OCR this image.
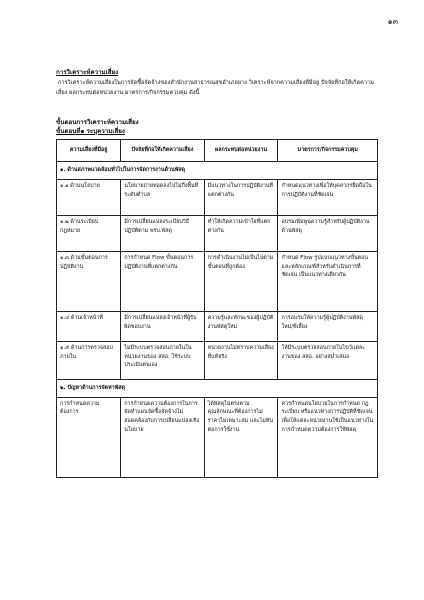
๑๓
การวิเคราะห์ความเสี่ยง
การวิเคราะห์ความเสี่ยงในการจัดซื้อจัดจ้างของสำนักงานสาธารณสุขอำเภอยาง วิเคราะห์จากความเสี่ยงที่มีอยู่ ปัจจัยที่ก่อให้เกิดความเสี่ยง ผลกระทบต่อหน่วยงาน มาตรการ/กิจกรรมควบคุม ดังนี้
ขั้นตอนการวิเคราะห์ความเสี่ยง
ขั้นตอนที่๑ ระบุความเสี่ยง
ความเสี่ยงที่มีอยู่	ปัจจัยที่ก่อให้เกิดความเสี่ยง	ผลกระทบต่อหน่วยงาน	มาตรการ/กิจกรรมควบคุม
๑. ด้านสภาพแวดล้อมทั่วไปในการจัดการงานด้านพัสดุ			
๑.๑ ด้านนโยบาย	นโยบายถ่ายทอดลงไปไม่ถึงพื้นที่ระดับตำบล	มีแนวทางในการปฏิบัติงานที่แตกต่างกัน	กำหนดแนวทางเพื่อให้บุคลากรยึดถือในการปฏิบัติงานที่ชัดเจน
๑.๒ ด้านระเบียบกฎหมาย	มีการเปลี่ยนแปลงระเบียบวิธีปฏิบัติตาม พรบ.พัสดุ	ทำให้เกิดความเข้าใจที่แตกต่างกัน	อบรมเพิ่มพูนความรู้สำหรับผู้ปฏิบัติงานด้านพัสดุ
๑.๓ ด้านขั้นตอนการปฏิบัติงาน	การกำหนด Flow ขั้นตอนการปฏิบัติงานที่แตกต่างกัน	การดำเนินงานไม่เป็นไปตามขั้นตอนที่ถูกต้อง	กำหนด Flow รูปแบบแนวทางขั้นตอนและหลักเกณฑ์สำหรับดำเนินการที่ชัดเจน เป็นแนวทางเดียวกัน
๑.๔ ด้านเจ้าหน้าที่	มีการเปลี่ยนแปลงเจ้าหน้าที่ผู้รับผิดชอบงาน	ความรู้และทักษะของผู้ปฏิบัติงานพัสดุใหม่	การอบรมให้ความรู้ผู้ปฏิบัติงานพัสดุใหม่/พี่เลี้ยง
๑.๕ ด้านการตรวจสอบภายใน	ไม่มีระบบตรวจสอบภายในในหน่วยงานของ สสอ. ใช้ระบบประเมินตนเอง	หน่วยงานไม่ทราบความเสี่ยงที่แท้จริง	ให้มีระบบตรวจสอบภายในไขว้แต่ละงานของ สสอ. อย่างสม่ำเสมอ
๒. ปัญหาด้านการจัดหาพัสดุ			
การกำหนดความต้องการ	การกำหนดความต้องการในการจัดทำแผนจัดซื้อจัดจ้างไม่สอดคล้องกับการเปลี่ยนแปลงเชิงนโยบาย	ได้พัสดุไม่ตรงตามคุณลักษณะที่ต้องการไม่ราคาไม่เหมาะสม และไม่ทันต่อการใช้งาน	ควรกำหนดนโยบายในการกำหนด กฎ ระเบียบ หรือแนวทางการปฏิบัติที่ชัดเจน เพื่อให้แต่ละหน่วยงานใช้เป็นแนวทางในการกำหนดความต้องการใช้พัสดุ
